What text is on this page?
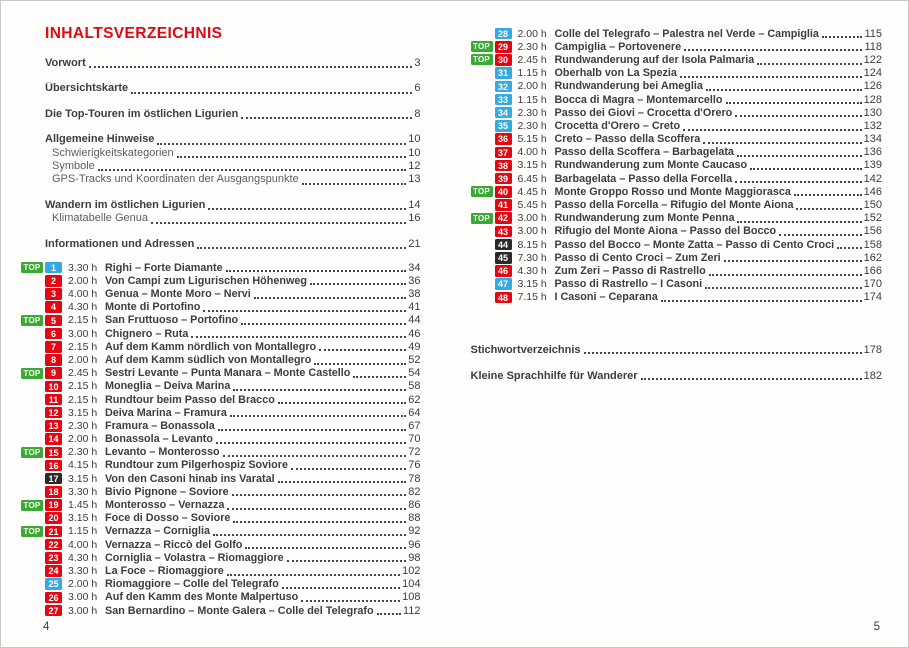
INHALTSVERZEICHNIS
Vorwort	3
Übersichtskarte	6
Die Top-Touren im östlichen Ligurien	8
Allgemeine Hinweise	10
Schwierigkeitskategorien	10
Symbole	12
GPS-Tracks und Koordinaten der Ausgangspunkte	13
Wandern im östlichen Ligurien	14
Klimatabelle Genua	16
Informationen und Adressen	21
TOP	1	3.30 h Righi – Forte Diamante	34
2	2.00 h Von Campi zum Ligurischen Höhenweg	36
3	4.00 h Genua – Monte Moro – Nervi	38
4	4.30 h Monte di Portofino	41
TOP	5	2.15 h San Fruttuoso – Portofino	44
6	3.00 h Chignero – Ruta	46
7	2.15 h Auf dem Kamm nördlich von Montallegro	49
8	2.00 h Auf dem Kamm südlich von Montallegro	52
TOP	9	2.45 h Sestri Levante – Punta Manara – Monte Castello	54
10 2.15 h Moneglia – Deiva Marina	58
11 2.15 h Rundtour beim Passo del Bracco	62
12 3.15 h Deiva Marina – Framura	64
13 2.30 h Framura – Bonassola	67
14 2.00 h Bonassola – Levanto	70
TOP 15 2.30 h Levanto – Monterosso	72
16 4.15 h Rundtour zum Pilgerhospiz Soviore	76
17 3.15 h Von den Casoni hinab ins Varatal	78
18 3.30 h Bivio Pignone – Soviore	82
TOP 19 1.45 h Monterosso – Vernazza	86
20 3.15 h Foce di Dosso – Soviore	88
TOP 21 1.15 h Vernazza – Corniglia	92
22 4.00 h Vernazza – Riccò del Golfo	96
23 4.30 h Corniglia – Volastra – Riomaggiore	98
24 3.30 h La Foce – Riomaggiore	102
25 2.00 h Riomaggiore – Colle del Telegrafo	104
26 3.00 h Auf den Kamm des Monte Malpertuso	108
27 3.00 h San Bernardino – Monte Galera – Colle del Telegrafo	112
4
28 2.00 h Colle del Telegrafo – Palestra nel Verde – Campiglia	115
TOP 29 2.30 h Campiglia – Portovenere	118
TOP 30 2.45 h Rundwanderung auf der Isola Palmaria	122
31 1.15 h Oberhalb von La Spezia	124
32 2.00 h Rundwanderung bei Ameglia	126
33 1.15 h Bocca di Magra – Montemarcello	128
34 2.30 h Passo dei Giovi – Crocetta d'Orero	130
35 2.30 h Crocetta d'Orero – Creto	132
36 5.15 h Creto – Passo della Scoffera	134
37 4.00 h Passo della Scoffera – Barbagelata	136
38 3.15 h Rundwanderung zum Monte Caucaso	139
39 6.45 h Barbagelata – Passo della Forcella	142
TOP 40 4.45 h Monte Groppo Rosso und Monte Maggiorasca	146
41 5.45 h Passo della Forcella – Rifugio del Monte Aiona	150
TOP 42 3.00 h Rundwanderung zum Monte Penna	152
43 3.00 h Rifugio del Monte Aiona – Passo del Bocco	156
44 8.15 h Passo del Bocco – Monte Zatta – Passo di Cento Croci	158
45 7.30 h Passo di Cento Croci – Zum Zeri	162
46 4.30 h Zum Zeri – Passo di Rastrello	166
47 3.15 h Passo di Rastrello – I Casoni	170
48 7.15 h I Casoni – Ceparana	174
Stichwortverzeichnis	178
Kleine Sprachhilfe für Wanderer	182
5
